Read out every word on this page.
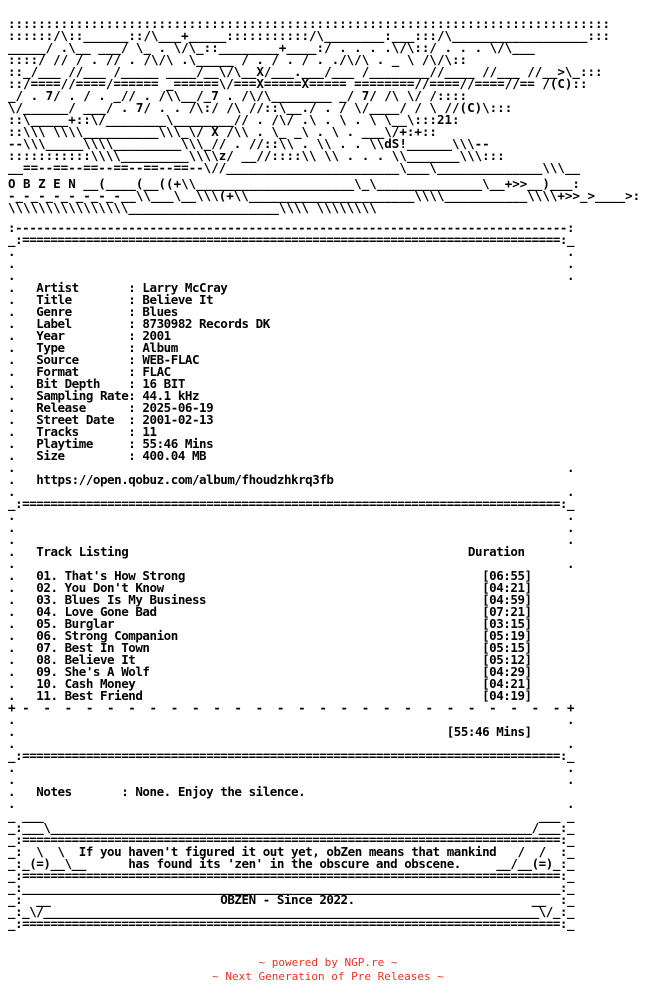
::::::::::::::::::::::::::::::::::::::::::::::::::::::::::::::::::::::::::::::::
::::::/\::______::/\___+_____:::::::::::/\________:___:::/\__________________:::
_____/ .\__ ___/ \_ . \/\_::________+____:/ . . . .\/\::/ . . . \/\___
::::/ // / . // . /\/\ .\_____ / . / . / . ./\/\ . _ \ /\/\::
::_/___ //___ /_____ ____/__\/\__X/___.___/___ /________//____ //___ //__>\_:::
::/====//====/====== _======\/===X=====X===== ========//====//====//== /(C)::
_/ . 7/ . / . _// . /\\__/_7 . /\/\________ _/ 7/ /\ \/ /::::
\/______/ ___/ . 7/ . . /\:/ /\ //::\__./ . / \/____/ / \ //(C)\:::
::\_____+::\/________\________// . /\/ .\ . \ . \ \__\:::21:
::\\\ \\\\__________\\\_\/ X /\\ . \_ _\ . \ . ___\/+:+::
--\\\_____\\\\_________\\\_// . //::\\ . \\ . . \\dS!______\\\--
:::::::::::\\\\_________\\\\z/ __//::::\\ \\ . . . \\_______\\\:::
__==--==--==--==--==--==--\//_______________________\___\______________\\\__
O B Z E N __(____(__((+\\_____________________\_\______________\__+>>__)___:
-_-_-_-_-_-_-_-__\\___\__\\\(+\\______________________\\\\___________\\\\+>>_>____>:
\\\\\\\\\\\\\\\\____________________\\\\ \\\\\\\\

:------------------------------------------------------------------------------:
_:============================================================================:_
.                                                                              .
.                                                                              .
.                                                                              .
.   Artist       : Larry McCray
.   Title        : Believe It
.   Genre        : Blues
.   Label        : 8730982 Records DK
.   Year         : 2001
.   Type         : Album
.   Source       : WEB-FLAC
.   Format       : FLAC
.   Bit Depth    : 16 BIT
.   Sampling Rate: 44.1 kHz
.   Release      : 2025-06-19
.   Street Date  : 2001-02-13
.   Tracks       : 11
.   Playtime     : 55:46 Mins
.   Size         : 400.04 MB
.                                                                              .
.   https://open.qobuz.com/album/fhoudzhkrq3fb
.                                                                              .
_:============================================================================:_
.                                                                              .
.                                                                              .
.                                                                              .
.   Track Listing                                                Duration
.                                                                              .
.   01. That's How Strong                                          [06:55]
.   02. You Don't Know                                             [04:21]
.   03. Blues Is My Business                                       [04:59]
.   04. Love Gone Bad                                              [07:21]
.   05. Burglar                                                    [03:15]
.   06. Strong Companion                                           [05:19]
.   07. Best In Town                                               [05:15]
.   08. Believe It                                                 [05:12]
.   09. She's A Wolf                                               [04:29]
.   10. Cash Money                                                 [04:21]
.   11. Best Friend                                                [04:19]
+ -  -  -  -  -  -  -  -  -  -  -  -  -  -  -  -  -  -  -  -  -  -  -  -  -  - +
.                                                                              .
.                                                             [55:46 Mins]
.                                                                              .
_:============================================================================:_
.                                                                              .
.                                                                              .
.   Notes       : None. Enjoy the silence.
.                                                                              .
_ ___                                                                      ___ _
_:___\____________________________________________________________________/___:_
_:============================================================================:_
_:  \  \  If you haven't figured it out yet, obZen means that mankind   /  /  :_
_:_(=)__\__      has found its 'zen' in the obscure and obscene.     __/__(=)_:_
_:============================================================================:_
_:____________________________________________________________________________:_
_:  __                        OBZEN - Since 2022.                         __  :_
_:_\/______________________________________________________________________\/_:_
_:============================================================================:_

~ powered by NGP.re ~
~ Next Generation of Pre Releases ~
